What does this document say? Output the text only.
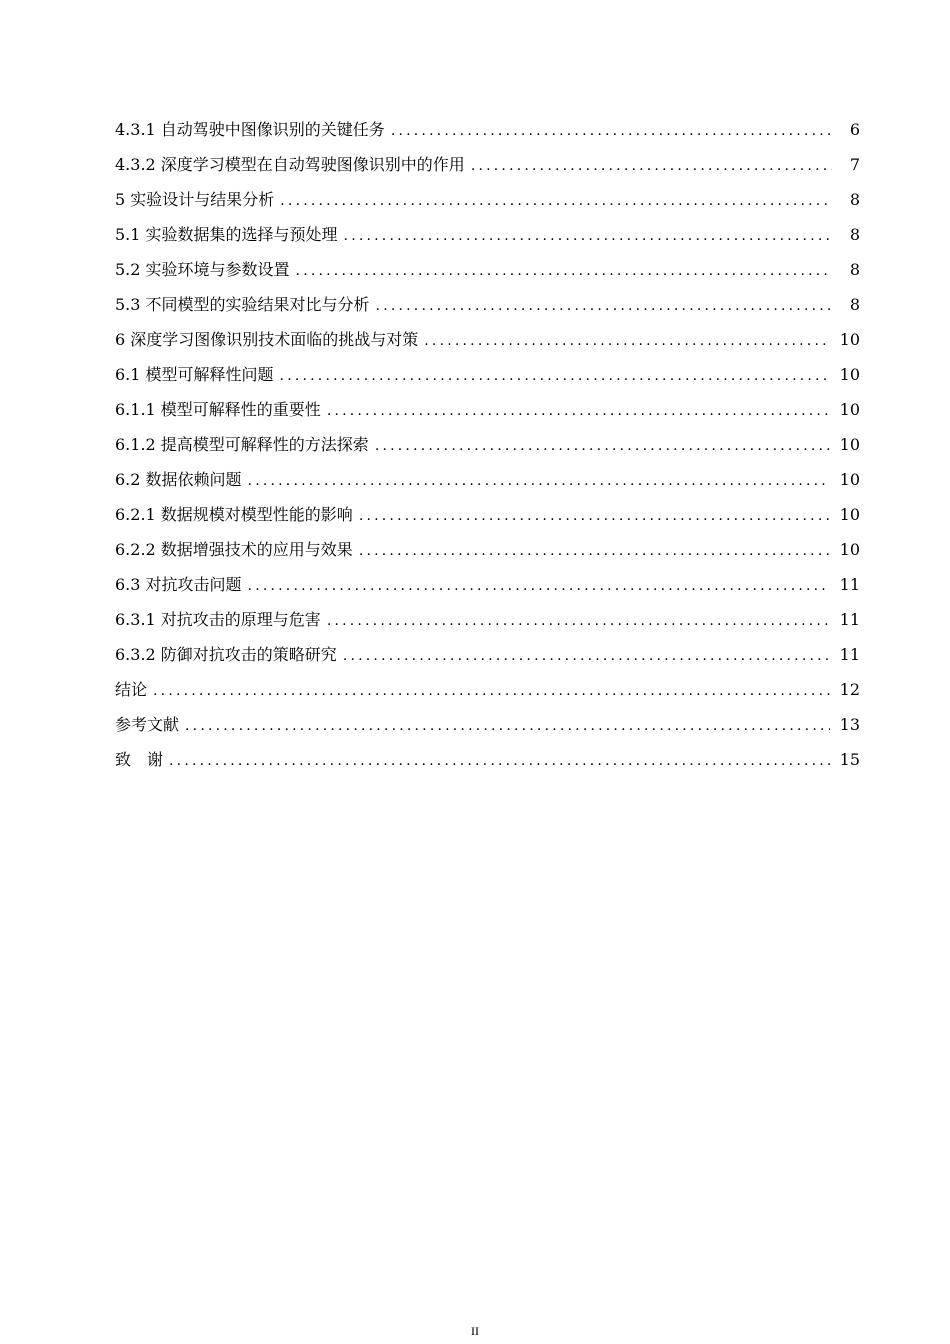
4.3.1 自动驾驶中图像识别的关键任务 .....	6
4.3.2 深度学习模型在自动驾驶图像识别中的作用 .....	7
5 实验设计与结果分析 .....	8
5.1 实验数据集的选择与预处理 .....	8
5.2 实验环境与参数设置 .....	8
5.3 不同模型的实验结果对比与分析 .....	8
6 深度学习图像识别技术面临的挑战与对策 .....	10
6.1 模型可解释性问题 .....	10
6.1.1 模型可解释性的重要性 .....	10
6.1.2 提高模型可解释性的方法探索 .....	10
6.2 数据依赖问题 .....	10
6.2.1 数据规模对模型性能的影响 .....	10
6.2.2 数据增强技术的应用与效果 .....	10
6.3 对抗攻击问题 .....	11
6.3.1 对抗攻击的原理与危害 .....	11
6.3.2 防御对抗攻击的策略研究 .....	11
结论 .....	12
参考文献 .....	13
致　谢 .....	15
II
